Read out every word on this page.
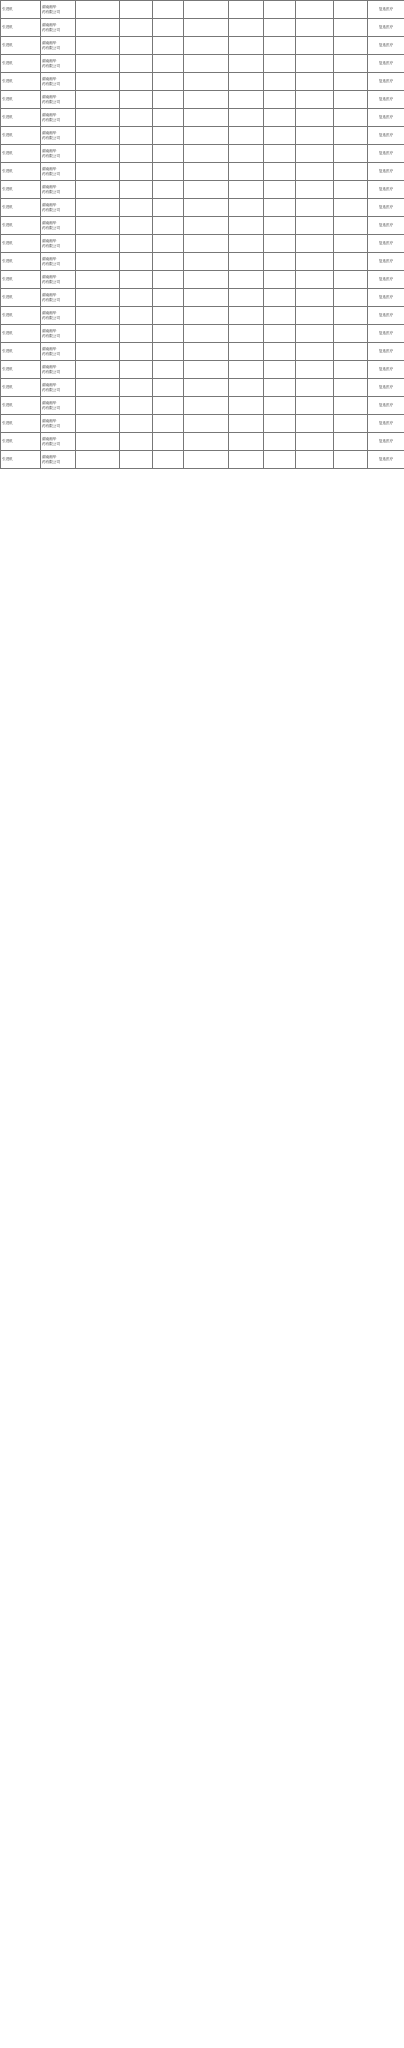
引进机
湖南湘华
药有限公司
复选医疗
引进机
湖南湘华
药有限公司
复选医疗
引进机
湖南湘华
药有限公司
复选医疗
引进机
湖南湘华
药有限公司
复选医疗
引进机
湖南湘华
药有限公司
复选医疗
引进机
湖南湘华
药有限公司
复选医疗
引进机
湖南湘华
药有限公司
复选医疗
引进机
湖南湘华
药有限公司
复选医疗
引进机
湖南湘华
药有限公司
复选医疗
引进机
湖南湘华
药有限公司
复选医疗
引进机
湖南湘华
药有限公司
复选医疗
引进机
湖南湘华
药有限公司
复选医疗
引进机
湖南湘华
药有限公司
复选医疗
引进机
湖南湘华
药有限公司
复选医疗
引进机
湖南湘华
药有限公司
复选医疗
引进机
湖南湘华
药有限公司
复选医疗
引进机
湖南湘华
药有限公司
复选医疗
引进机
湖南湘华
药有限公司
复选医疗
引进机
湖南湘华
药有限公司
复选医疗
引进机
湖南湘华
药有限公司
复选医疗
引进机
湖南湘华
药有限公司
复选医疗
引进机
湖南湘华
药有限公司
复选医疗
引进机
湖南湘华
药有限公司
复选医疗
引进机
湖南湘华
药有限公司
复选医疗
引进机
湖南湘华
药有限公司
复选医疗
引进机
湖南湘华
药有限公司
复选医疗
